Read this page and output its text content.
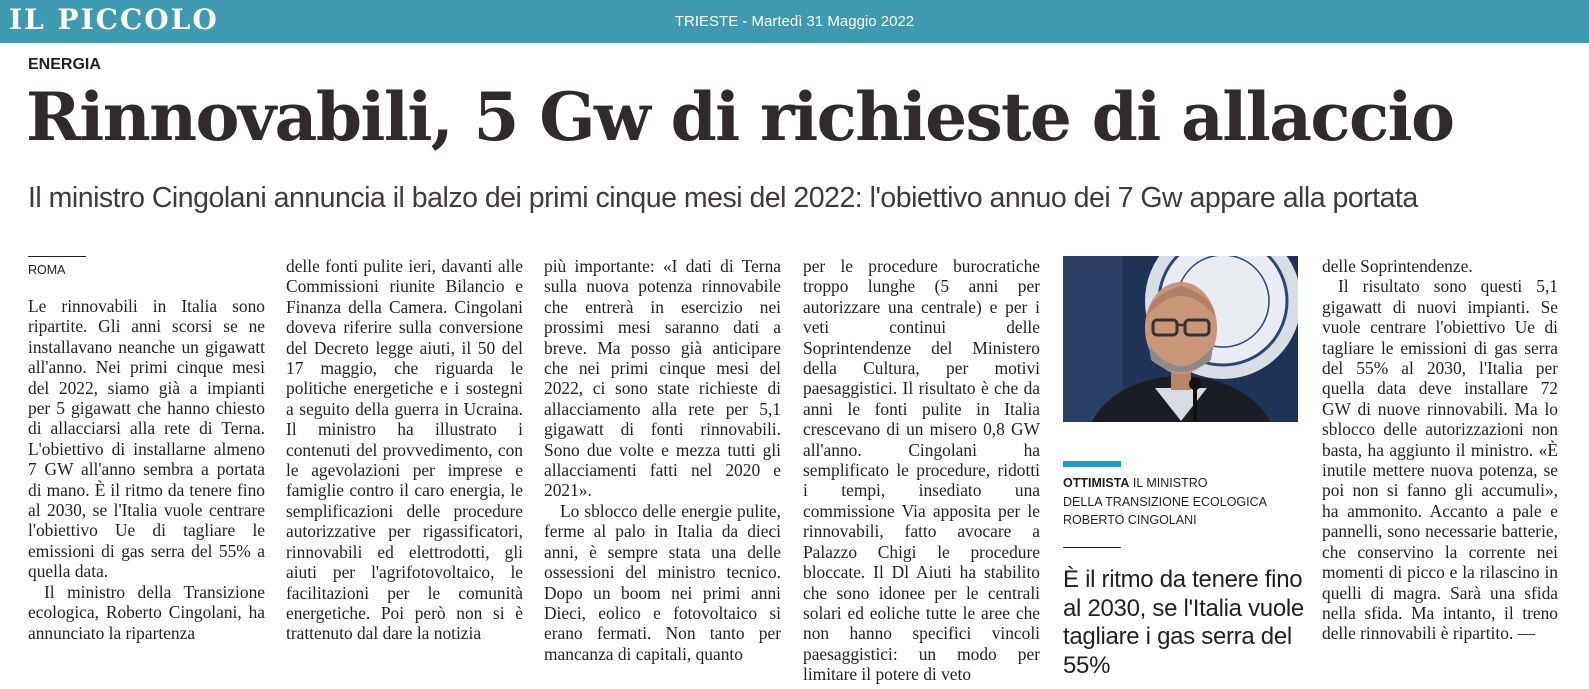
IL PICCOLO	TRIESTE - Martedì 31 Maggio 2022
ENERGIA
Rinnovabili, 5 Gw di richieste di allaccio
Il ministro Cingolani annuncia il balzo dei primi cinque mesi del 2022: l'obiettivo annuo dei 7 Gw appare alla portata
ROMA

Le rinnovabili in Italia sono ripartite. Gli anni scorsi se ne installavano neanche un gigawatt all'anno. Nei primi cinque mesi del 2022, siamo già a impianti per 5 gigawatt che hanno chiesto di allacciarsi alla rete di Terna. L'obiettivo di installarne almeno 7 GW all'anno sembra a portata di mano. È il ritmo da tenere fino al 2030, se l'Italia vuole centrare l'obiettivo Ue di tagliare le emissioni di gas serra del 55% a quella data.

Il ministro della Transizione ecologica, Roberto Cingolani, ha annunciato la ripartenza

delle fonti pulite ieri, davanti alle Commissioni riunite Bilancio e Finanza della Camera. Cingolani doveva riferire sulla conversione del Decreto legge aiuti, il 50 del 17 maggio, che riguarda le politiche energetiche e i sostegni a seguito della guerra in Ucraina. Il ministro ha illustrato i contenuti del provvedimento, con le agevolazioni per imprese e famiglie contro il caro energia, le semplificazioni delle procedure autorizzative per rigassificatori, rinnovabili ed elettrodotti, gli aiuti per l'agrifotovoltaico, le facilitazioni per le comunità energetiche. Poi però non si è trattenuto dal dare la notizia

più importante: «I dati di Terna sulla nuova potenza rinnovabile che entrerà in esercizio nei prossimi mesi saranno dati a breve. Ma posso già anticipare che nei primi cinque mesi del 2022, ci sono state richieste di allacciamento alla rete per 5,1 gigawatt di fonti rinnovabili. Sono due volte e mezza tutti gli allacciamenti fatti nel 2020 e 2021».

Lo sblocco delle energie pulite, ferme al palo in Italia da dieci anni, è sempre stata una delle ossessioni del ministro tecnico. Dopo un boom nei primi anni Dieci, eolico e fotovoltaico si erano fermati. Non tanto per mancanza di capitali, quanto

per le procedure burocratiche troppo lunghe (5 anni per autorizzare una centrale) e per i veti continui delle Soprintendenze del Ministero della Cultura, per motivi paesaggistici. Il risultato è che da anni le fonti pulite in Italia crescevano di un misero 0,8 GW all'anno. Cingolani ha semplificato le procedure, ridotti i tempi, insediato una commissione Via apposita per le rinnovabili, fatto avocare a Palazzo Chigi le procedure bloccate. Il Dl Aiuti ha stabilito che sono idonee per le centrali solari ed eoliche tutte le aree che non hanno specifici vincoli paesaggistici: un modo per limitare il potere di veto

OTTIMISTA IL MINISTRO
DELLA TRANSIZIONE ECOLOGICA
ROBERTO CINGOLANI
È il ritmo da tenere fino al 2030, se l'Italia vuole tagliare i gas serra del 55%

delle Soprintendenze.

Il risultato sono questi 5,1 gigawatt di nuovi impianti. Se vuole centrare l'obiettivo Ue di tagliare le emissioni di gas serra del 55% al 2030, l'Italia per quella data deve installare 72 GW di nuove rinnovabili. Ma lo sblocco delle autorizzazioni non basta, ha aggiunto il ministro. «È inutile mettere nuova potenza, se poi non si fanno gli accumuli», ha ammonito. Accanto a pale e pannelli, sono necessarie batterie, che conservino la corrente nei momenti di picco e la rilascino in quelli di magra. Sarà una sfida nella sfida. Ma intanto, il treno delle rinnovabili è ripartito. —
